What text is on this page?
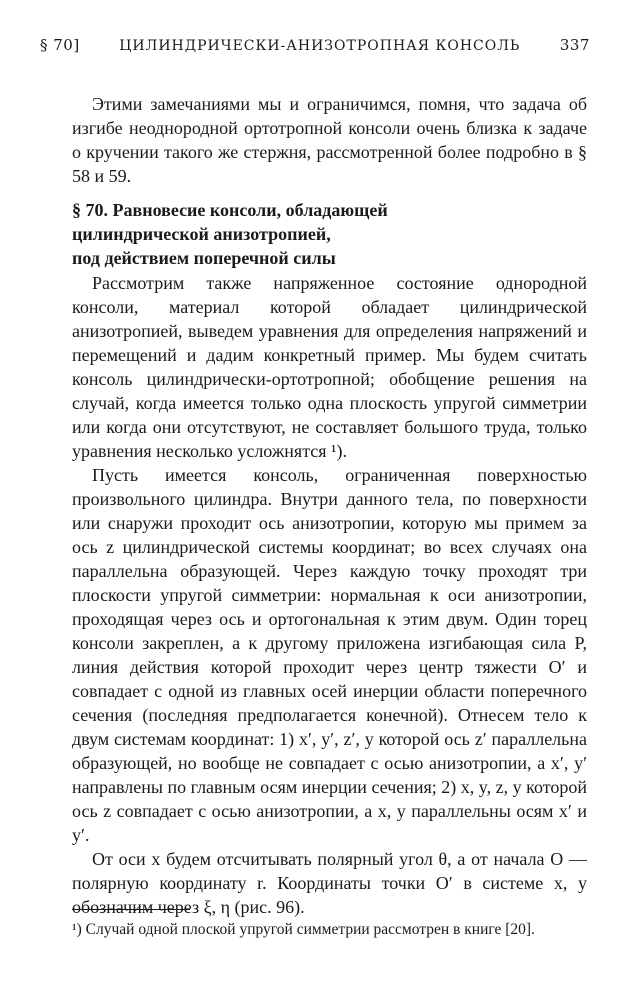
§ 70]	ЦИЛИНДРИЧЕСКИ-АНИЗОТРОПНАЯ КОНСОЛЬ	337

Этими замечаниями мы и ограничимся, помня, что задача об изгибе неоднородной ортотропной консоли очень близка к задаче о кручении такого же стержня, рассмотренной более подробно в § 58 и 59.

§ 70. Равновесие консоли, обладающей
цилиндрической анизотропией,
под действием поперечной силы

Рассмотрим также напряженное состояние однородной консоли, материал которой обладает цилиндрической анизотропией, выведем уравнения для определения напряжений и перемещений и дадим конкретный пример. Мы будем считать консоль цилиндрически-ортотропной; обобщение решения на случай, когда имеется только одна плоскость упругой симметрии или когда они отсутствуют, не составляет большого труда, только уравнения несколько усложнятся ¹).

Пусть имеется консоль, ограниченная поверхностью произвольного цилиндра. Внутри данного тела, по поверхности или снаружи проходит ось анизотропии, которую мы примем за ось z цилиндрической системы координат; во всех случаях она параллельна образующей. Через каждую точку проходят три плоскости упругой симметрии: нормальная к оси анизотропии, проходящая через ось и ортогональная к этим двум. Один торец консоли закреплен, а к другому приложена изгибающая сила P, линия действия которой проходит через центр тяжести O′ и совпадает с одной из главных осей инерции области поперечного сечения (последняя предполагается конечной). Отнесем тело к двум системам координат: 1) x′, y′, z′, у которой ось z′ параллельна образующей, но вообще не совпадает с осью анизотропии, а x′, y′ направлены по главным осям инерции сечения; 2) x, y, z, у которой ось z совпадает с осью анизотропии, а x, y параллельны осям x′ и y′.

От оси x будем отсчитывать полярный угол θ, а от начала O — полярную координату r. Координаты точки O′ в системе x, y обозначим через ξ, η (рис. 96).

¹) Случай одной плоской упругой симметрии рассмотрен в книге [20].
